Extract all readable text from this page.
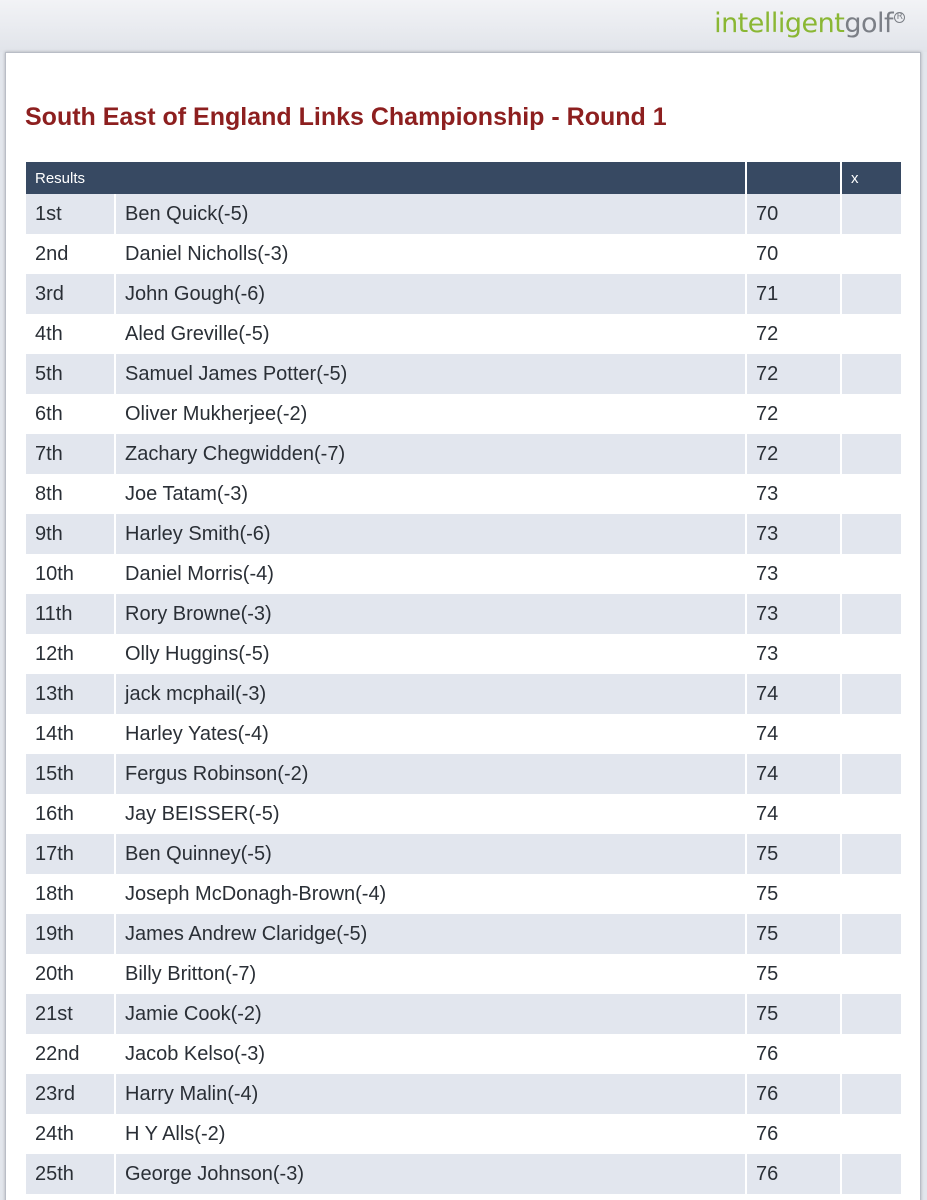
intelligent golf R
South East of England Links Championship - Round 1
Results	x
1st	Ben Quick(-5)	70
2nd	Daniel Nicholls(-3)	70
3rd	John Gough(-6)	71
4th	Aled Greville(-5)	72
5th	Samuel James Potter(-5)	72
6th	Oliver Mukherjee(-2)	72
7th	Zachary Chegwidden(-7)	72
8th	Joe Tatam(-3)	73
9th	Harley Smith(-6)	73
10th	Daniel Morris(-4)	73
11th	Rory Browne(-3)	73
12th	Olly Huggins(-5)	73
13th	jack mcphail(-3)	74
14th	Harley Yates(-4)	74
15th	Fergus Robinson(-2)	74
16th	Jay BEISSER(-5)	74
17th	Ben Quinney(-5)	75
18th	Joseph McDonagh-Brown(-4)	75
19th	James Andrew Claridge(-5)	75
20th	Billy Britton(-7)	75
21st	Jamie Cook(-2)	75
22nd	Jacob Kelso(-3)	76
23rd	Harry Malin(-4)	76
24th	H Y Alls(-2)	76
25th	George Johnson(-3)	76
